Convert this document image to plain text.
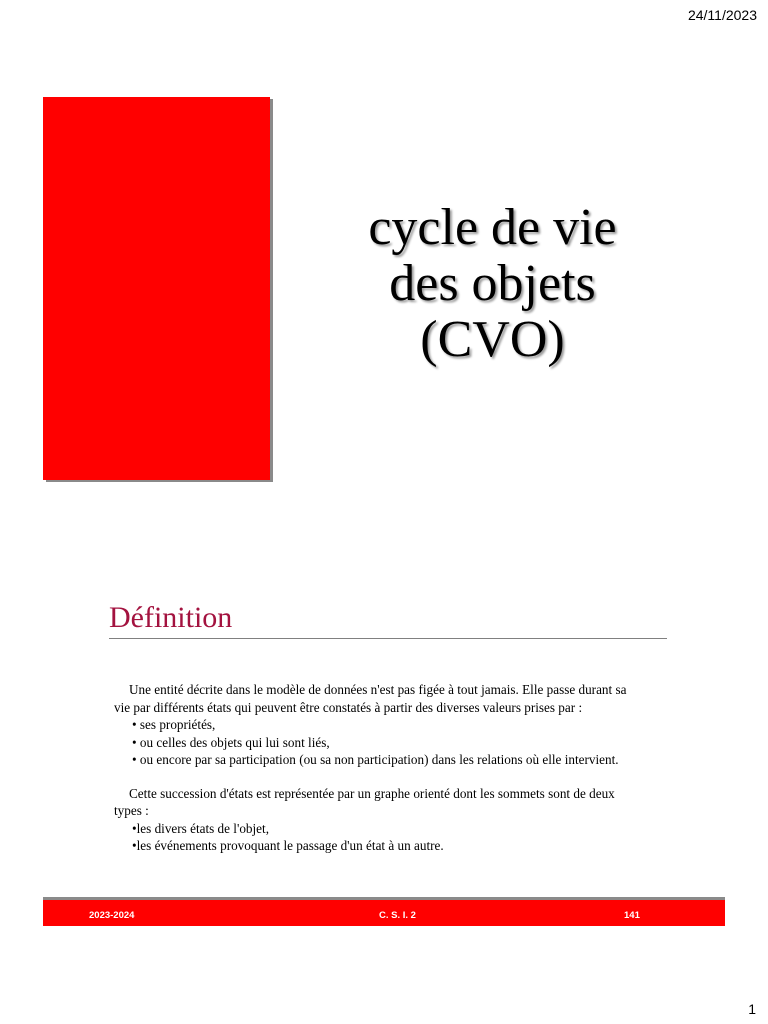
24/11/2023
cycle de vie
des objets
(CVO)
Définition

Une entité décrite dans le modèle de données n'est pas figée à tout jamais. Elle passe durant sa vie par différents états qui peuvent être constatés à partir des diverses valeurs prises par :

• ses propriétés,
• ou celles des objets qui lui sont liés,
• ou encore par sa participation (ou sa non participation) dans les relations où elle intervient.

Cette succession d'états est représentée par un graphe orienté dont les sommets sont de deux types :

•les divers états de l'objet,
•les événements provoquant le passage d'un état à un autre.
2023-2024	C. S. I. 2	141
1
